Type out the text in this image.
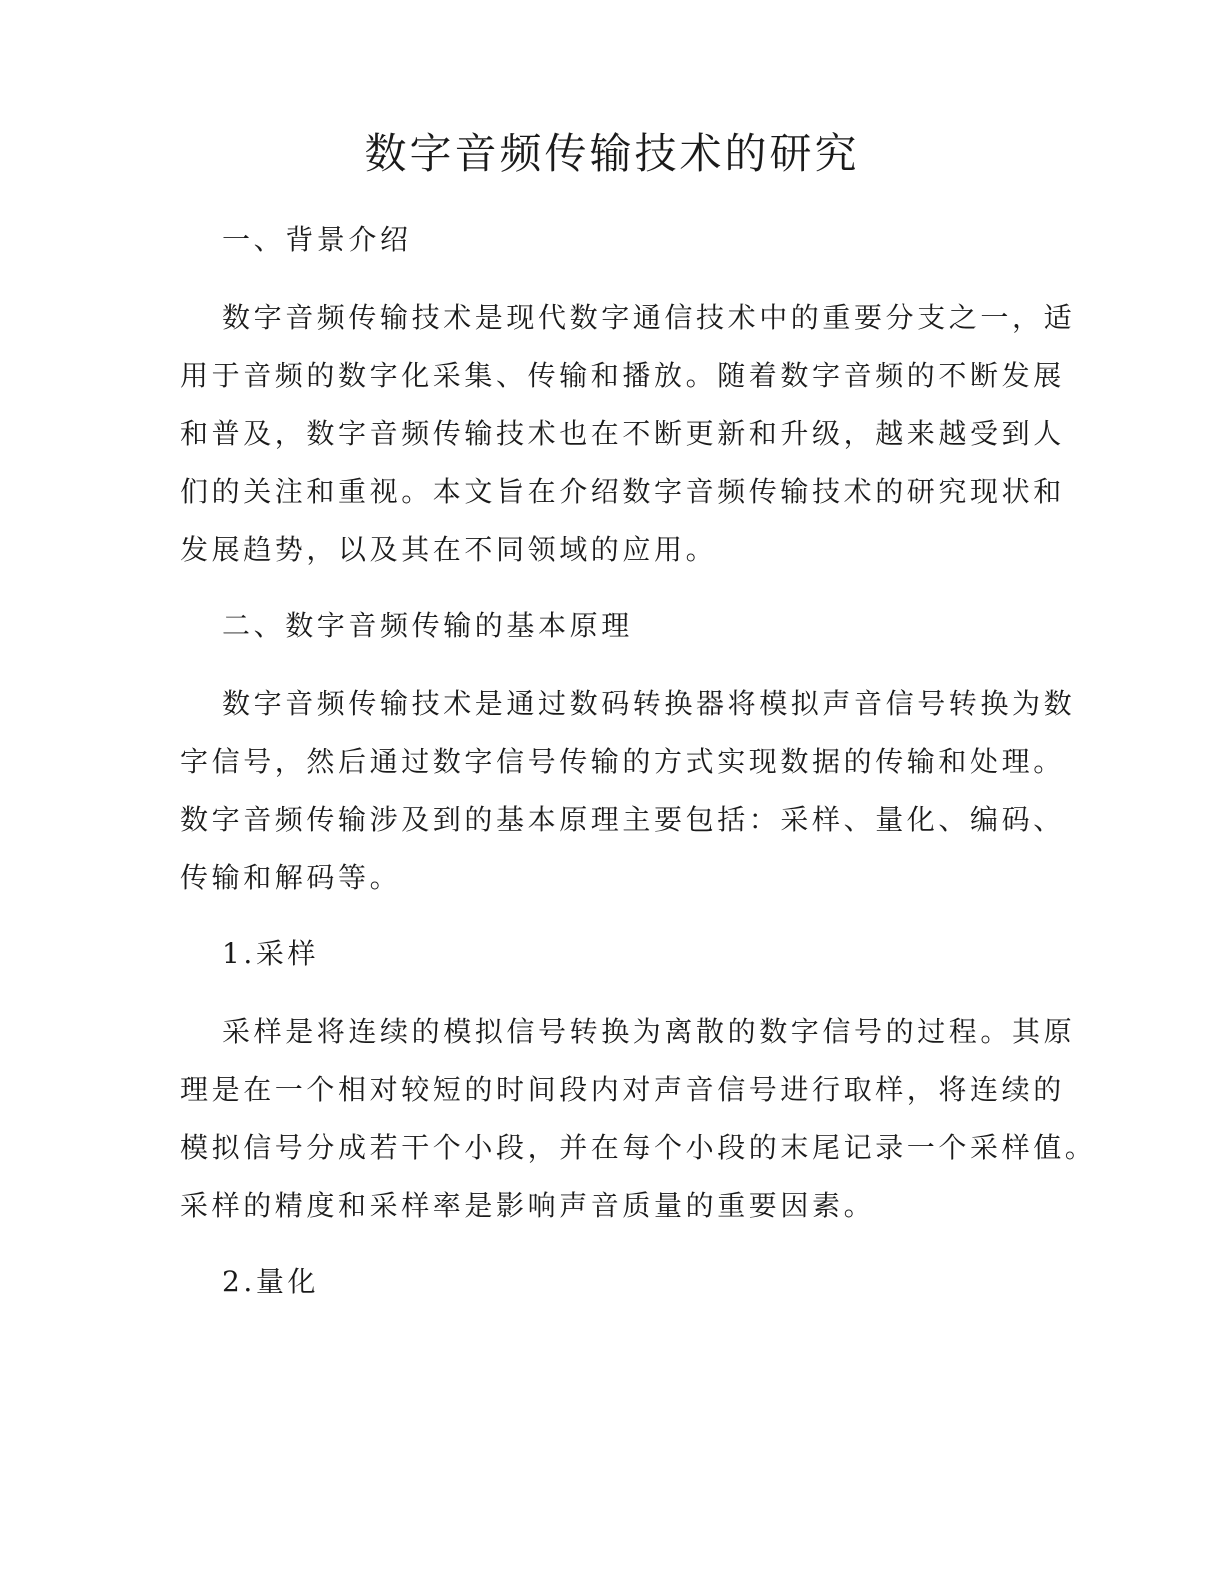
数字音频传输技术的研究
一、背景介绍
数字音频传输技术是现代数字通信技术中的重要分支之一，适
用于音频的数字化采集、传输和播放。随着数字音频的不断发展
和普及，数字音频传输技术也在不断更新和升级，越来越受到人
们的关注和重视。本文旨在介绍数字音频传输技术的研究现状和
发展趋势，以及其在不同领域的应用。
二、数字音频传输的基本原理
数字音频传输技术是通过数码转换器将模拟声音信号转换为数
字信号，然后通过数字信号传输的方式实现数据的传输和处理。
数字音频传输涉及到的基本原理主要包括：采样、量化、编码、
传输和解码等。
1.采样
采样是将连续的模拟信号转换为离散的数字信号的过程。其原
理是在一个相对较短的时间段内对声音信号进行取样，将连续的
模拟信号分成若干个小段，并在每个小段的末尾记录一个采样值。
采样的精度和采样率是影响声音质量的重要因素。
2.量化
